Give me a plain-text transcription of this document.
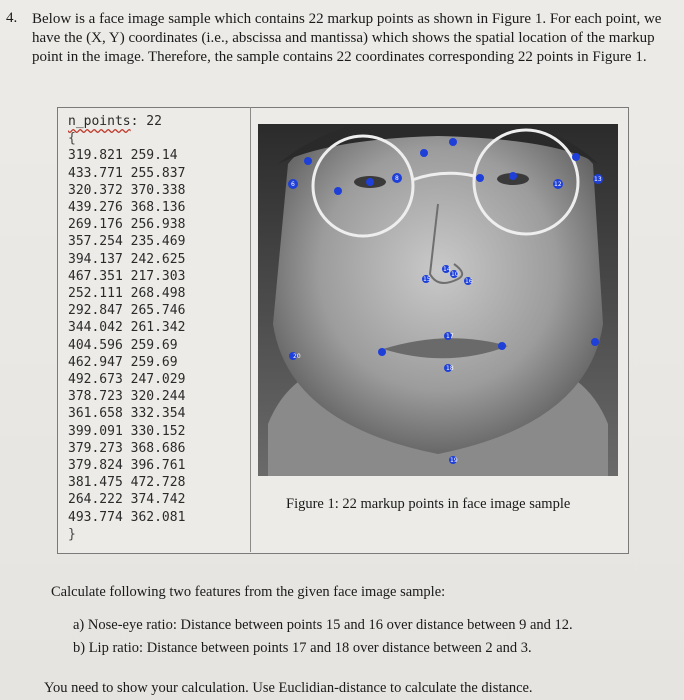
4. Below is a face image sample which contains 22 markup points as shown in Figure 1. For each point, we have the (X, Y) coordinates (i.e., abscissa and mantissa) which shows the spatial location of the markup point in the image. Therefore, the sample contains 22 coordinates corresponding 22 points in Figure 1.
n_points: 22
{
319.821 259.14
433.771 255.837
320.372 370.338
439.276 368.136
269.176 256.938
357.254 235.469
394.137 242.625
467.351 217.303
252.111 268.498
292.847 265.746
344.042 261.342
404.596 259.69
462.947 259.69
492.673 247.029
378.723 320.244
361.658 332.354
399.091 330.152
379.273 368.686
379.824 396.761
381.475 472.728
264.222 374.742
493.774 362.081
}
6
8
12
13
14
15	16
17
18
20
19
10
Figure 1: 22 markup points in face image sample
Calculate following two features from the given face image sample:
a) Nose-eye ratio: Distance between points 15 and 16 over distance between 9 and 12.
b) Lip ratio: Distance between points 17 and 18 over distance between 2 and 3.
You need to show your calculation. Use Euclidian-distance to calculate the distance.
